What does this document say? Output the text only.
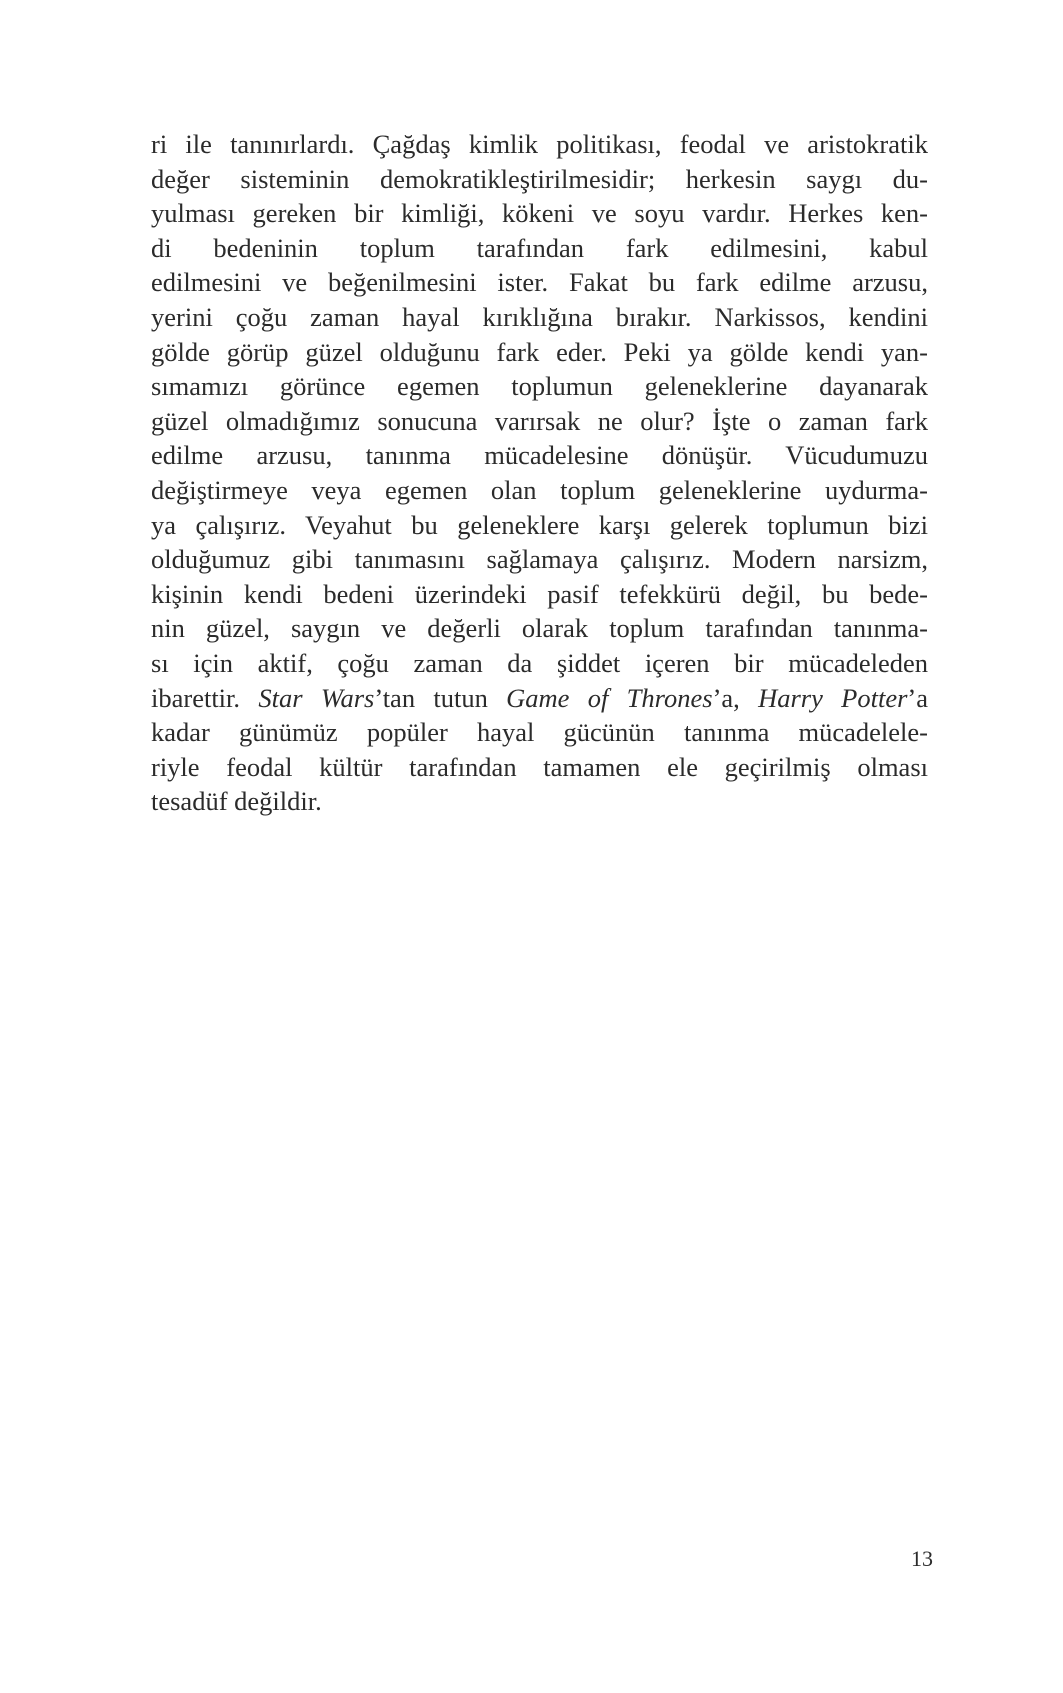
ri ile tanınırlardı. Çağdaş kimlik politikası, feodal ve aristokratik
değer sisteminin demokratikleştirilmesidir; herkesin saygı du-
yulması gereken bir kimliği, kökeni ve soyu vardır. Herkes ken-
di bedeninin toplum tarafından fark edilmesini, kabul
edilmesini ve beğenilmesini ister. Fakat bu fark edilme arzusu,
yerini çoğu zaman hayal kırıklığına bırakır. Narkissos, kendini
gölde görüp güzel olduğunu fark eder. Peki ya gölde kendi yan-
sımamızı görünce egemen toplumun geleneklerine dayanarak
güzel olmadığımız sonucuna varırsak ne olur? İşte o zaman fark
edilme arzusu, tanınma mücadelesine dönüşür. Vücudumuzu
değiştirmeye veya egemen olan toplum geleneklerine uydurma-
ya çalışırız. Veyahut bu geleneklere karşı gelerek toplumun bizi
olduğumuz gibi tanımasını sağlamaya çalışırız. Modern narsizm,
kişinin kendi bedeni üzerindeki pasif tefekkürü değil, bu bede-
nin güzel, saygın ve değerli olarak toplum tarafından tanınma-
sı için aktif, çoğu zaman da şiddet içeren bir mücadeleden
ibarettir. Star Wars’tan tutun Game of Thrones’a, Harry Potter’a
kadar günümüz popüler hayal gücünün tanınma mücadelele-
riyle feodal kültür tarafından tamamen ele geçirilmiş olması
tesadüf değildir.
13
